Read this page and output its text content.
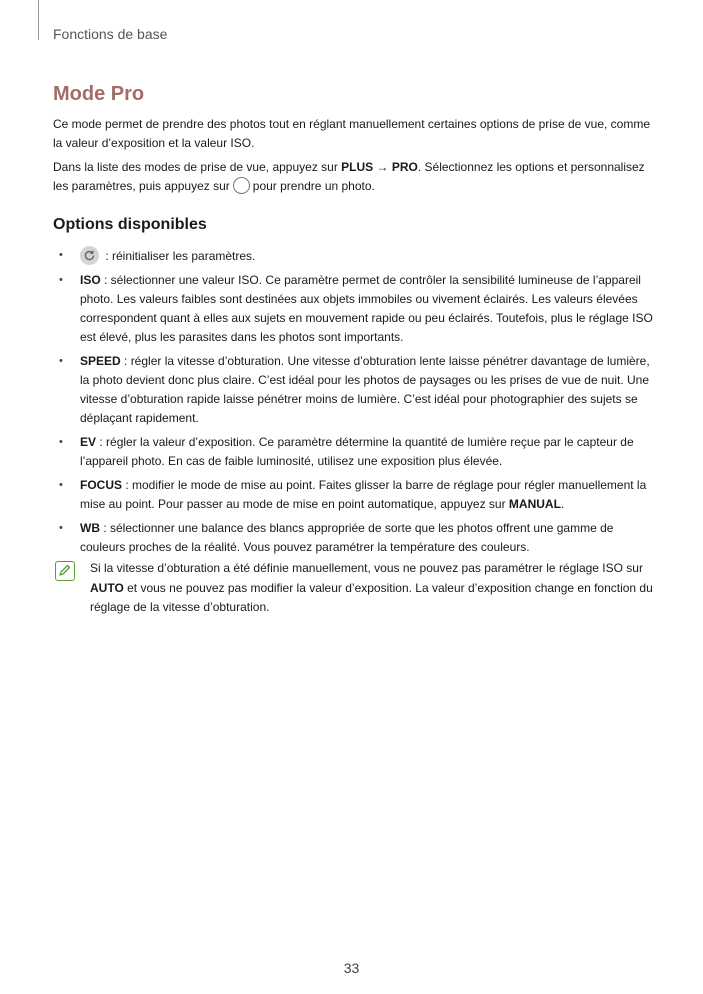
Fonctions de base
Mode Pro

Ce mode permet de prendre des photos tout en réglant manuellement certaines options de prise de vue, comme la valeur d’exposition et la valeur ISO.

Dans la liste des modes de prise de vue, appuyez sur PLUS → PRO. Sélectionnez les options et personnalisez les paramètres, puis appuyez sur pour prendre un photo.

Options disponibles
•	: réinitialiser les paramètres.
• ISO : sélectionner une valeur ISO. Ce paramètre permet de contrôler la sensibilité lumineuse de l’appareil photo. Les valeurs faibles sont destinées aux objets immobiles ou vivement éclairés. Les valeurs élevées correspondent quant à elles aux sujets en mouvement rapide ou peu éclairés. Toutefois, plus le réglage ISO est élevé, plus les parasites dans les photos sont importants.
• SPEED : régler la vitesse d’obturation. Une vitesse d’obturation lente laisse pénétrer davantage de lumière, la photo devient donc plus claire. C’est idéal pour les photos de paysages ou les prises de vue de nuit. Une vitesse d’obturation rapide laisse pénétrer moins de lumière. C’est idéal pour photographier des sujets se déplaçant rapidement.
• EV : régler la valeur d’exposition. Ce paramètre détermine la quantité de lumière reçue par le capteur de l’appareil photo. En cas de faible luminosité, utilisez une exposition plus élevée.
• FOCUS : modifier le mode de mise au point. Faites glisser la barre de réglage pour régler manuellement la mise au point. Pour passer au mode de mise en point automatique, appuyez sur MANUAL.
• WB : sélectionner une balance des blancs appropriée de sorte que les photos offrent une gamme de couleurs proches de la réalité. Vous pouvez paramétrer la température des couleurs.

Si la vitesse d’obturation a été définie manuellement, vous ne pouvez pas paramétrer le réglage ISO sur AUTO et vous ne pouvez pas modifier la valeur d’exposition. La valeur d’exposition change en fonction du réglage de la vitesse d’obturation.

33
